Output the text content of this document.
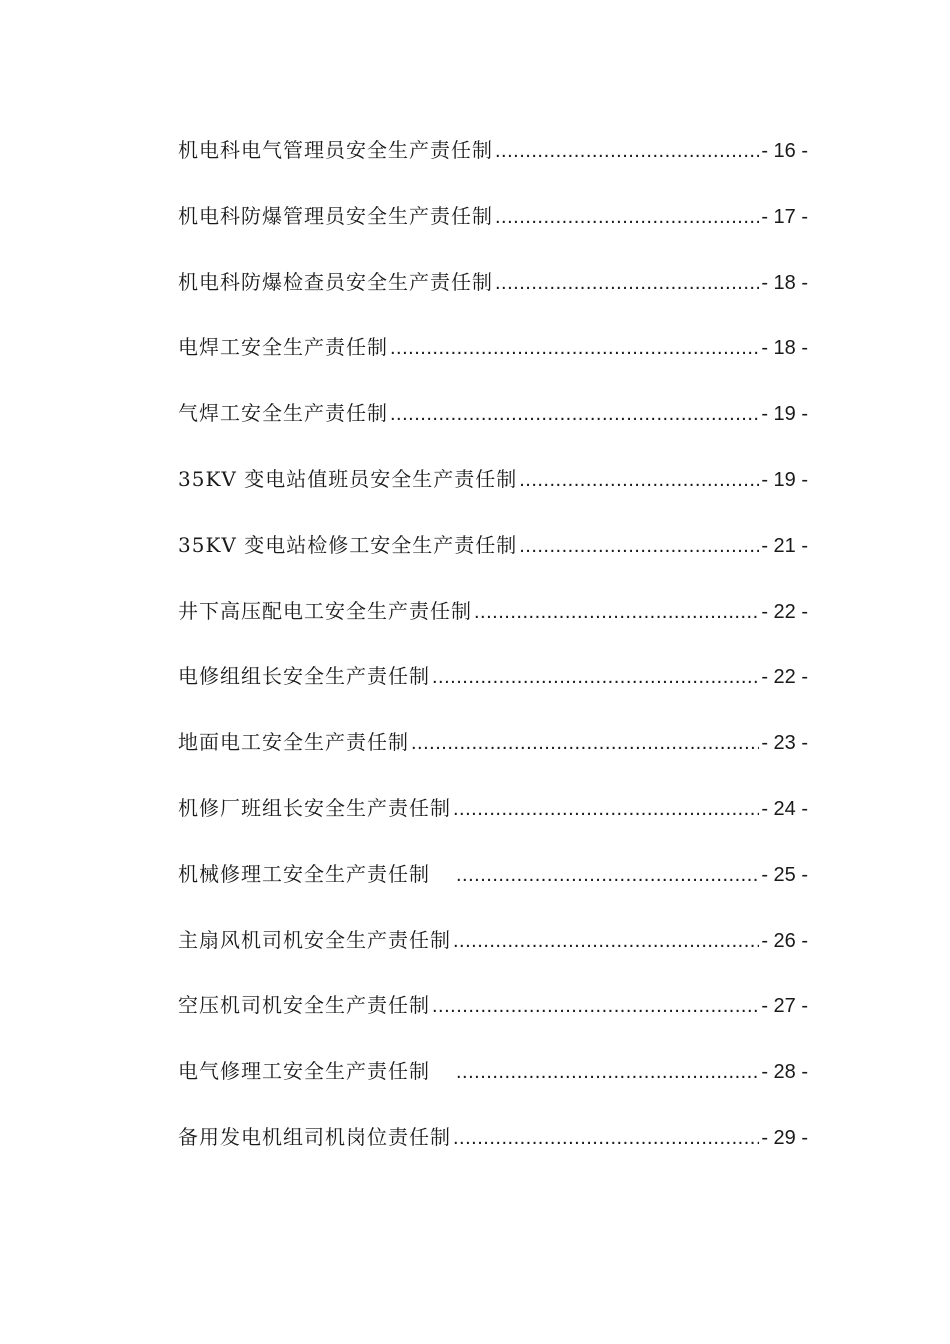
机电科电气管理员安全生产责任制 .....	- 16 -
机电科防爆管理员安全生产责任制 .....	- 17 -
机电科防爆检查员安全生产责任制 .....	- 18 -
电焊工安全生产责任制 .....	- 18 -
气焊工安全生产责任制 .....	- 19 -
35KV 变电站值班员安全生产责任制 .....	- 19 -
35KV 变电站检修工安全生产责任制 .....	- 21 -
井下高压配电工安全生产责任制 .....	- 22 -
电修组组长安全生产责任制 .....	- 22 -
地面电工安全生产责任制 .....	- 23 -
机修厂班组长安全生产责任制 .....	- 24 -
机械修理工安全生产责任制 .....	- 25 -
主扇风机司机安全生产责任制 .....	- 26 -
空压机司机安全生产责任制 .....	- 27 -
电气修理工安全生产责任制 .....	- 28 -
备用发电机组司机岗位责任制 .....	- 29 -
